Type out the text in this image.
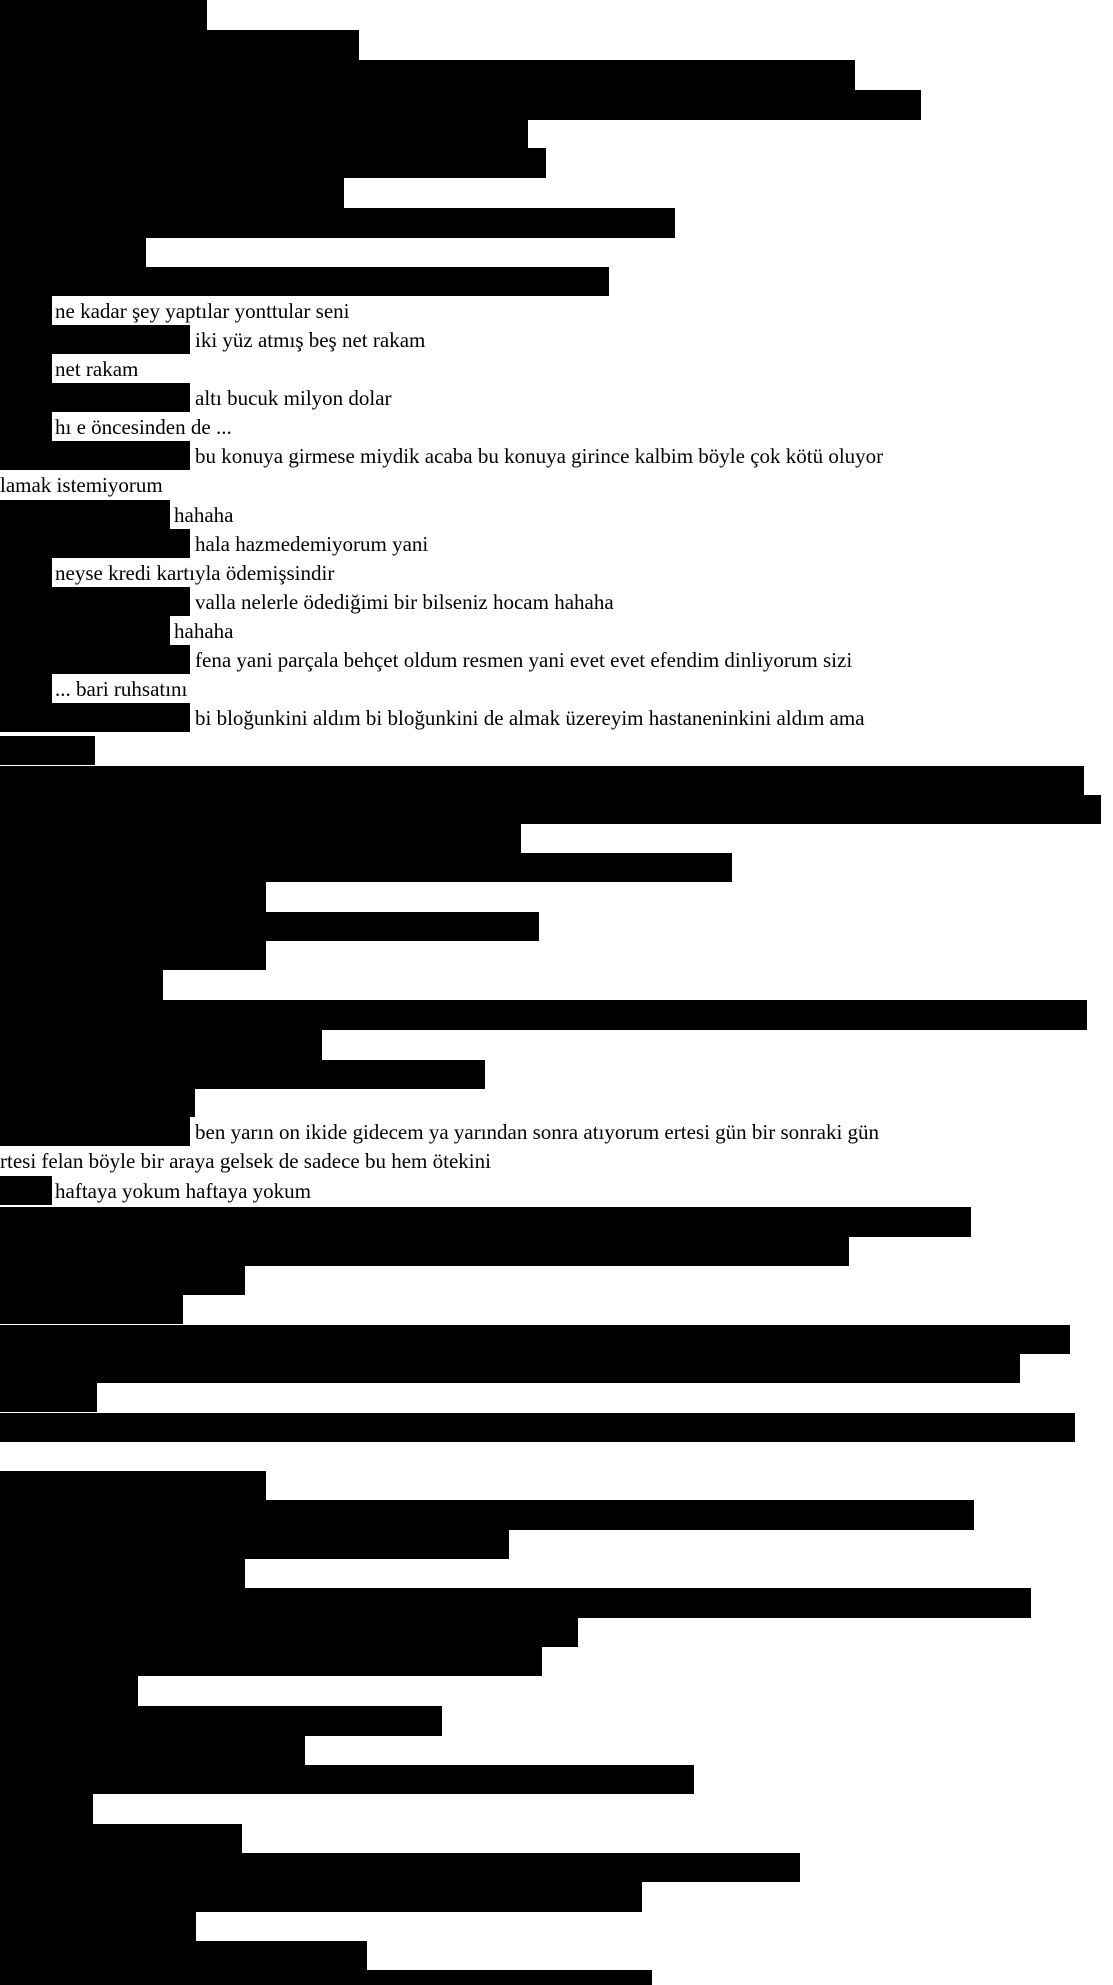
ne kadar şey yaptılar yonttular seni
iki yüz atmış beş net rakam
net rakam
altı bucuk milyon dolar
hı e öncesinden de ...
bu konuya girmese miydik acaba bu konuya girince kalbim böyle çok kötü oluyor
lamak istemiyorum
hahaha
hala hazmedemiyorum yani
neyse kredi kartıyla ödemişsindir
valla nelerle ödediğimi bir bilseniz hocam hahaha
hahaha
fena yani parçala behçet oldum resmen yani evet evet efendim dinliyorum sizi
... bari ruhsatını
bi bloğunkini aldım bi bloğunkini de almak üzereyim hastaneninkini aldım ama
ben yarın on ikide gidecem ya yarından sonra atıyorum ertesi gün bir sonraki gün
rtesi felan böyle bir araya gelsek de sadece bu hem ötekini
haftaya yokum haftaya yokum
